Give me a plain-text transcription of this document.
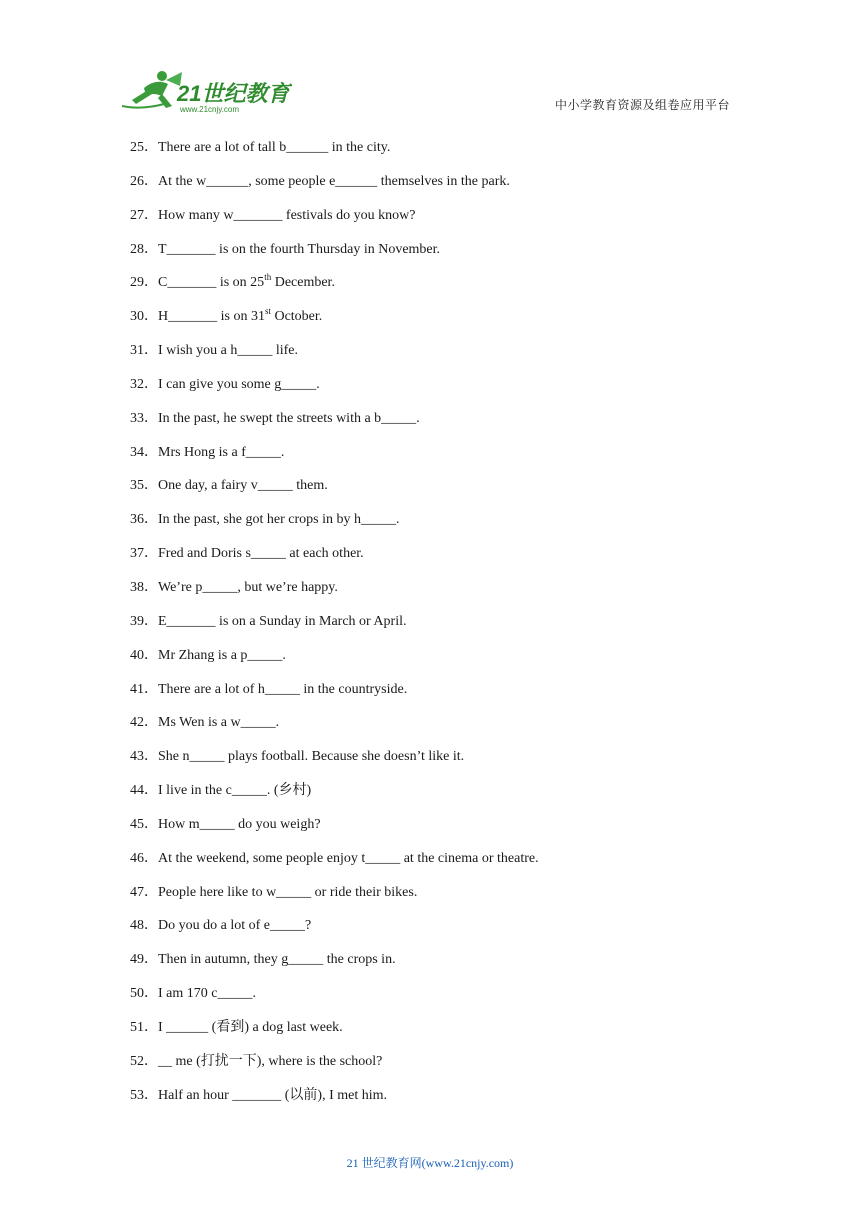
21世纪教育
www.21cnjy.com	中小学教育资源及组卷应用平台
25．There are a lot of tall b______ in the city.
26．At the w______, some people e______ themselves in the park.
27．How many w_______ festivals do you know?
28．T_______ is on the fourth Thursday in November.
29．C_______ is on 25th December.
30．H_______ is on 31st October.
31．I wish you a h_____ life.
32．I can give you some g_____.
33．In the past, he swept the streets with a b_____.
34．Mrs Hong is a f_____.
35．One day, a fairy v_____ them.
36．In the past, she got her crops in by h_____.
37．Fred and Doris s_____ at each other.
38．We’re p_____, but we’re happy.
39．E_______ is on a Sunday in March or April.
40．Mr Zhang is a p_____.
41．There are a lot of h_____ in the countryside.
42．Ms Wen is a w_____.
43．She n_____ plays football. Because she doesn’t like it.
44．I live in the c_____. (乡村)
45．How m_____ do you weigh?
46．At the weekend, some people enjoy t_____ at the cinema or theatre.
47．People here like to w_____ or ride their bikes.
48．Do you do a lot of e_____?
49．Then in autumn, they g_____ the crops in.
50．I am 170 c_____.
51．I ______ (看到) a dog last week.
52．__ me (打扰一下), where is the school?
53．Half an hour _______ (以前), I met him.
21 世纪教育网(www.21cnjy.com)
